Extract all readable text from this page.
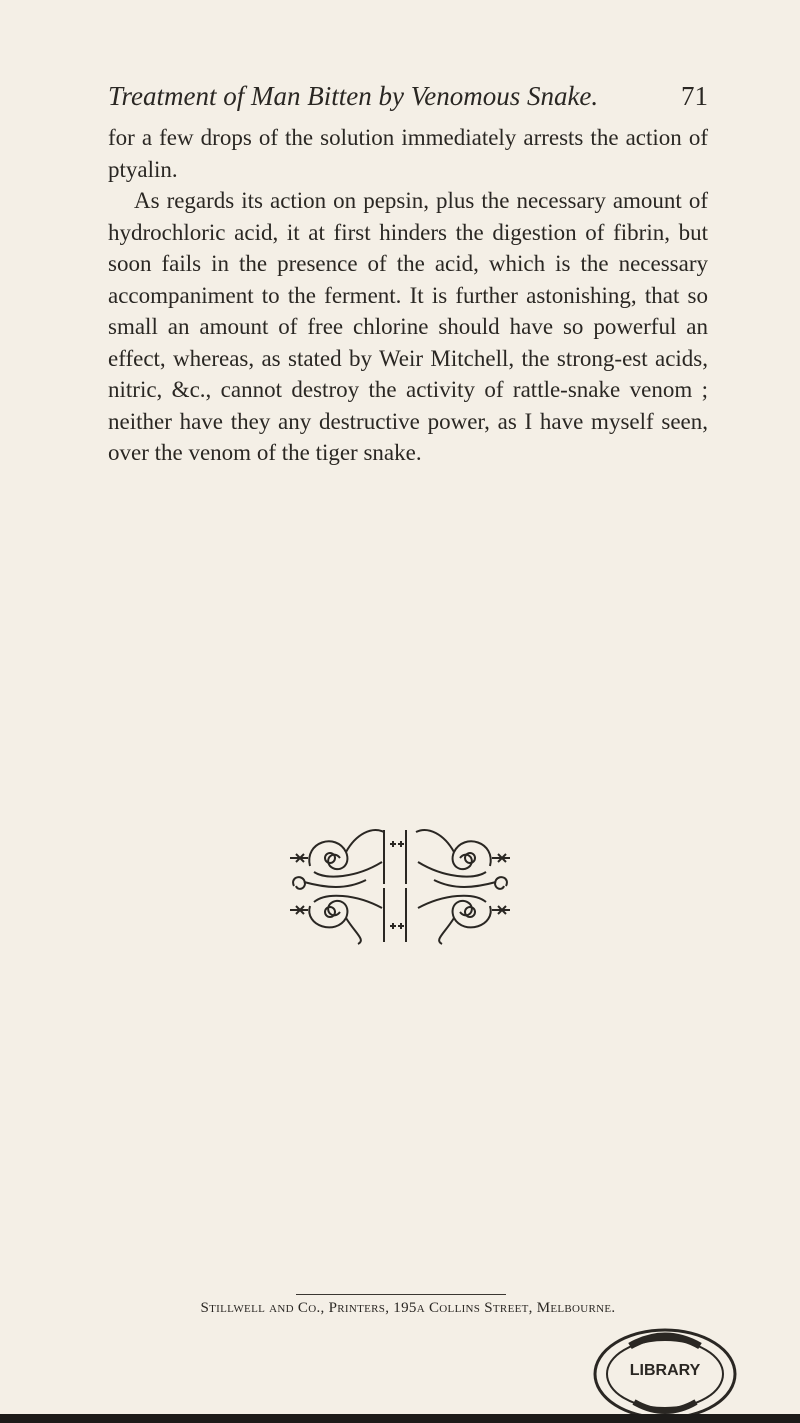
Treatment of Man Bitten by Venomous Snake.	71

for a few drops of the solution immediately arrests the action of ptyalin.

As regards its action on pepsin, plus the necessary amount of hydrochloric acid, it at first hinders the digestion of fibrin, but soon fails in the presence of the acid, which is the necessary accompaniment to the ferment. It is further astonishing, that so small an amount of free chlorine should have so powerful an effect, whereas, as stated by Weir Mitchell, the strong-est acids, nitric, &c., cannot destroy the activity of rattle-snake venom ; neither have they any destructive power, as I have myself seen, over the venom of the tiger snake.

Stillwell and Co., Printers, 195a Collins Street, Melbourne.
LIBRARY
